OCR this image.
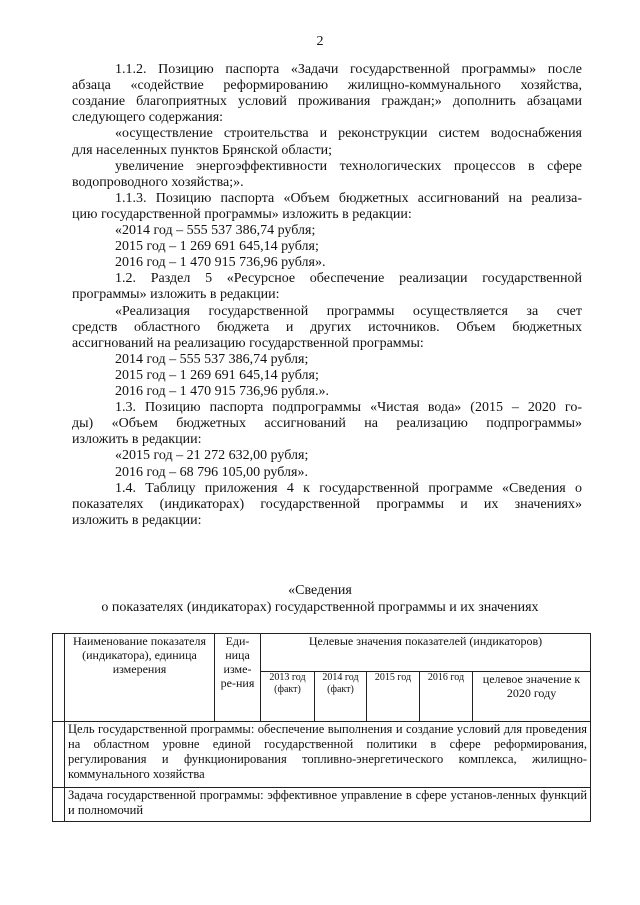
2
1.1.2. Позицию паспорта «Задачи государственной программы» после
абзаца «содействие реформированию жилищно-коммунального хозяйства,
создание благоприятных условий проживания граждан;» дополнить абзацами
следующего содержания:
«осуществление строительства и реконструкции систем водоснабжения
для населенных пунктов Брянской области;
увеличение энергоэффективности технологических процессов в сфере
водопроводного хозяйства;».
1.1.3. Позицию паспорта «Объем бюджетных ассигнований на реализа-
цию государственной программы» изложить в редакции:
«2014 год – 555 537 386,74 рубля;
2015 год – 1 269 691 645,14 рубля;
2016 год – 1 470 915 736,96 рубля».
1.2. Раздел 5 «Ресурсное обеспечение реализации государственной
программы» изложить в редакции:
«Реализация государственной программы осуществляется за счет
средств областного бюджета и других источников. Объем бюджетных
ассигнований на реализацию государственной программы:
2014 год – 555 537 386,74 рубля;
2015 год – 1 269 691 645,14 рубля;
2016 год – 1 470 915 736,96 рубля.».
1.3. Позицию паспорта подпрограммы «Чистая вода» (2015 – 2020 го-
ды) «Объем бюджетных ассигнований на реализацию подпрограммы»
изложить в редакции:
«2015 год – 21 272 632,00 рубля;
2016 год – 68 796 105,00 рубля».
1.4. Таблицу приложения 4 к государственной программе «Сведения о
показателях (индикаторах) государственной программы и их значениях»
изложить в редакции:
«Сведения
о показателях (индикаторах) государственной программы и их значениях
	Наименование показателя (индикатора), единица измерения	Еди-ница изме-ре-ния	Целевые значения показателей (индикаторов)				
			2013 год (факт)	2014 год (факт)	2015 год	2016 год	целевое значение к 2020 году
	Цель государственной программы: обеспечение выполнения и создание условий для проведения на областном уровне единой государственной политики в сфере реформирования, регулирования и функционирования топливно-энергетического комплекса, жилищно-коммунального хозяйства						
	Задача государственной программы: эффективное управление в сфере установ-ленных функций и полномочий						
